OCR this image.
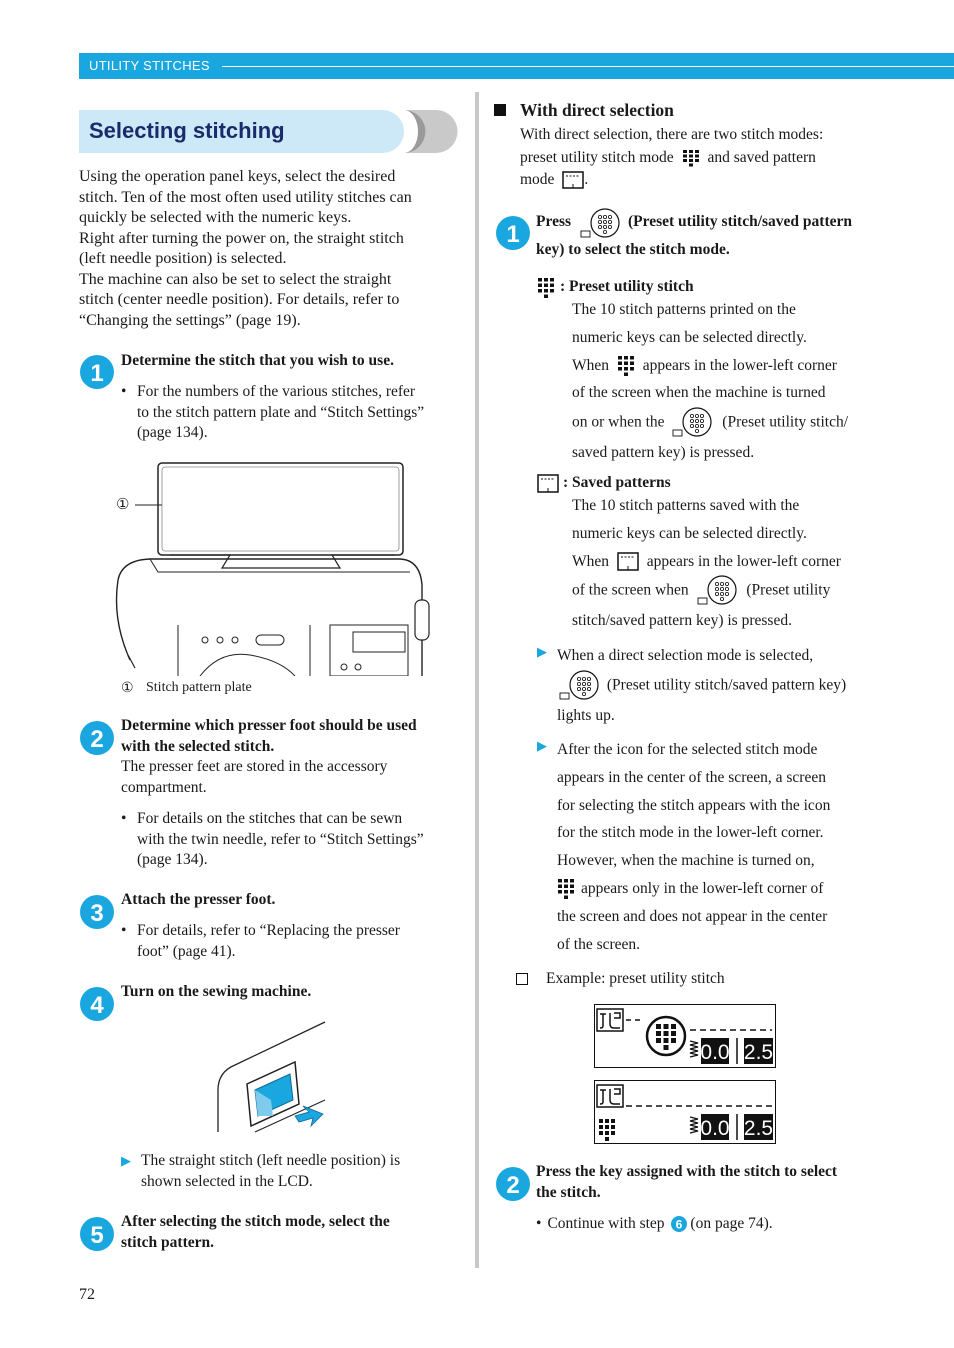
UTILITY STITCHES
Selecting stitching
Using the operation panel keys, select the desired
stitch. Ten of the most often used utility stitches can
quickly be selected with the numeric keys.
Right after turning the power on, the straight stitch
(left needle position) is selected.
The machine can also be set to select the straight
stitch (center needle position). For details, refer to
“Changing the settings” (page 19).
1 Determine the stitch that you wish to use.
• For the numbers of the various stitches, refer
to the stitch pattern plate and “Stitch Settings”
(page 134).
①
① Stitch pattern plate
2
Determine which presser foot should be used
with the selected stitch.
The presser feet are stored in the accessory
compartment.
• For details on the stitches that can be sewn
with the twin needle, refer to “Stitch Settings”
(page 134).
3
Attach the presser foot.
• For details, refer to “Replacing the presser
foot” (page 41).
4
Turn on the sewing machine.
▶ The straight stitch (left needle position) is
shown selected in the LCD.
5
After selecting the stitch mode, select the
stitch pattern.
With direct selection
With direct selection, there are two stitch modes:
preset utility stitch mode and saved pattern
mode .
1 Press	(Preset utility stitch/saved pattern
key) to select the stitch mode.
: Preset utility stitch
The 10 stitch patterns printed on the
numeric keys can be selected directly.
When appears in the lower-left corner
of the screen when the machine is turned
on or when the	(Preset utility stitch/
saved pattern key) is pressed.
: Saved patterns
The 10 stitch patterns saved with the
numeric keys can be selected directly.
When appears in the lower-left corner
of the screen when	(Preset utility
stitch/saved pattern key) is pressed.
▶ When a direct selection mode is selected,
(Preset utility stitch/saved pattern key)
lights up.
▶ After the icon for the selected stitch mode
appears in the center of the screen, a screen
for selecting the stitch appears with the icon
for the stitch mode in the lower-left corner.
However, when the machine is turned on,
appears only in the lower-left corner of
the screen and does not appear in the center
of the screen.
Example: preset utility stitch
0.0 2.5
0.0 2.5
2
Press the key assigned with the stitch to select
the stitch.
• Continue with step 6 (on page 74).
72
